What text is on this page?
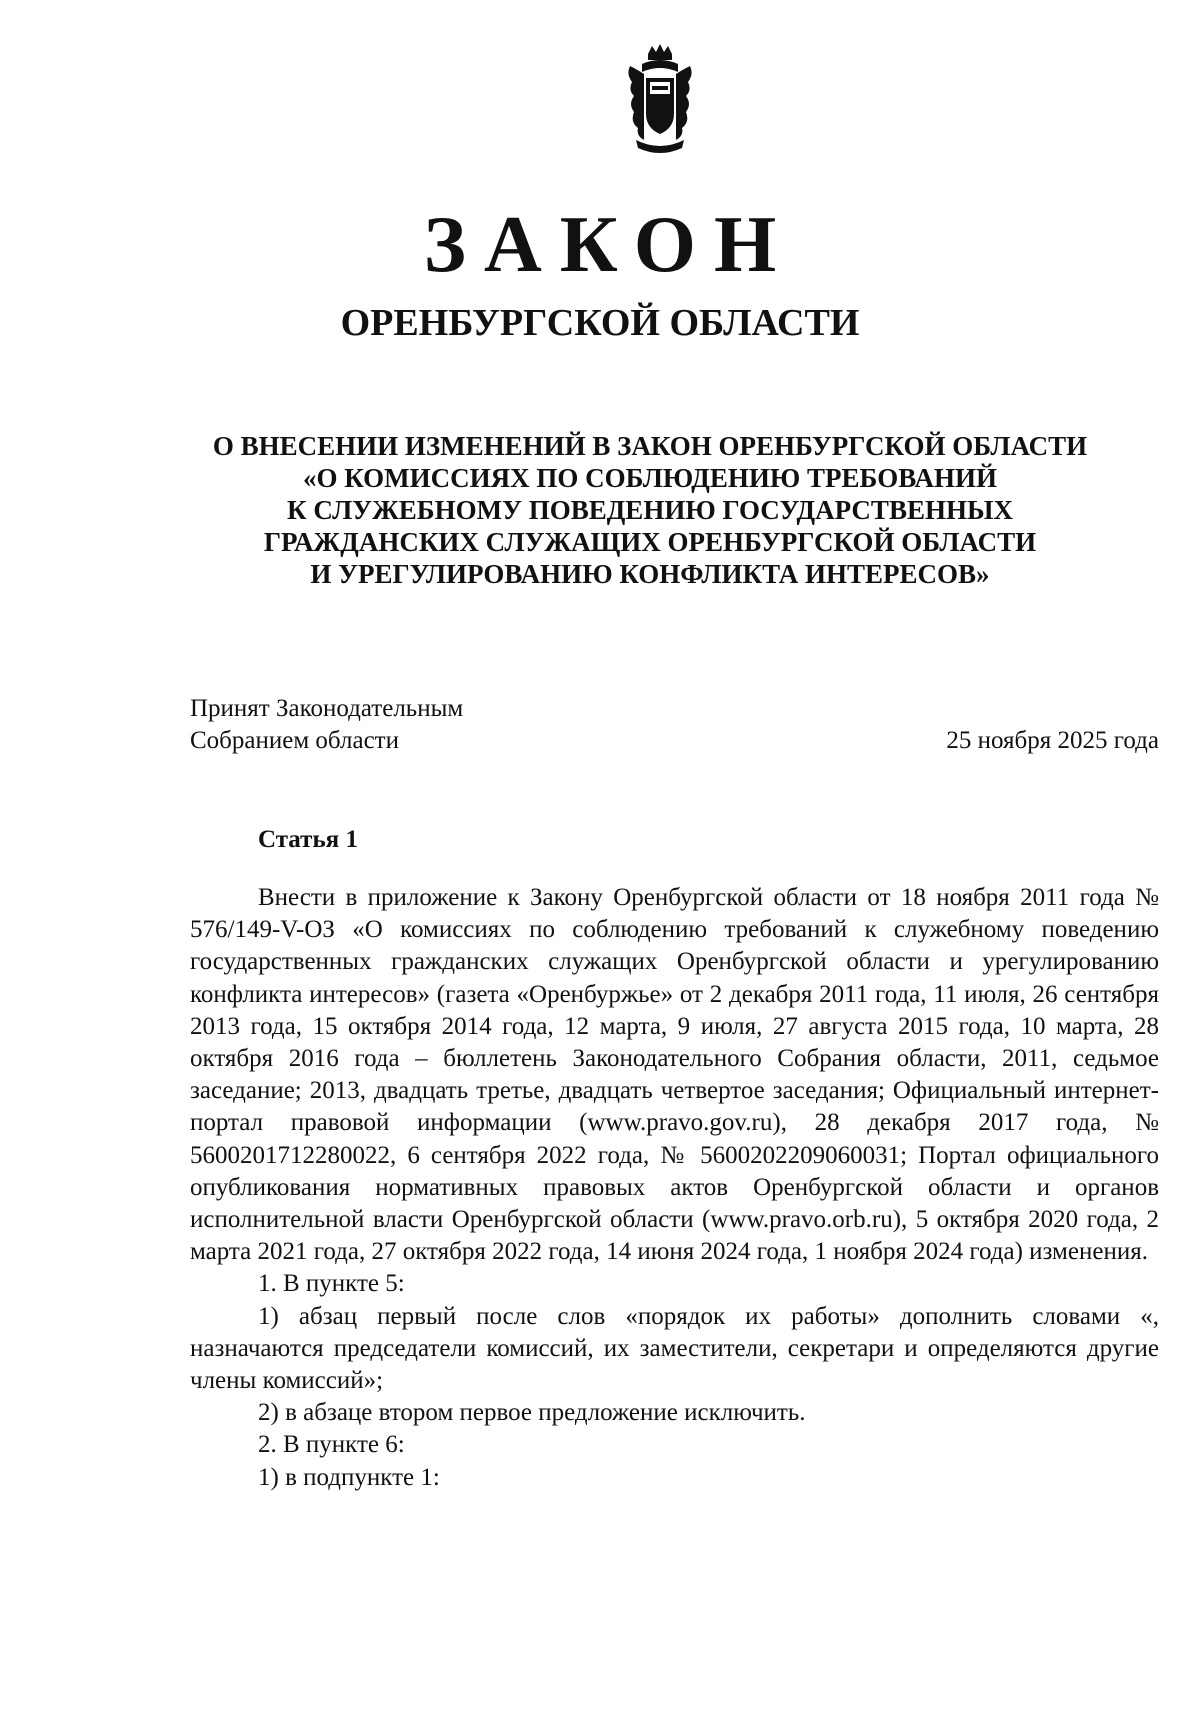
ЗАКОН
ОРЕНБУРГСКОЙ ОБЛАСТИ
О ВНЕСЕНИИ ИЗМЕНЕНИЙ В ЗАКОН ОРЕНБУРГСКОЙ ОБЛАСТИ
«О КОМИССИЯХ ПО СОБЛЮДЕНИЮ ТРЕБОВАНИЙ
К СЛУЖЕБНОМУ ПОВЕДЕНИЮ ГОСУДАРСТВЕННЫХ
ГРАЖДАНСКИХ СЛУЖАЩИХ ОРЕНБУРГСКОЙ ОБЛАСТИ
И УРЕГУЛИРОВАНИЮ КОНФЛИКТА ИНТЕРЕСОВ»
Принят Законодательным
Собранием области	25 ноября 2025 года
Статья 1

Внести в приложение к Закону Оренбургской области от 18 ноября 2011 года № 576/149-V-ОЗ «О комиссиях по соблюдению требований к служебному поведению государственных гражданских служащих Оренбургской области и урегулированию конфликта интересов» (газета «Оренбуржье» от 2 декабря 2011 года, 11 июля, 26 сентября 2013 года, 15 октября 2014 года, 12 марта, 9 июля, 27 августа 2015 года, 10 марта, 28 октября 2016 года – бюллетень Законодательного Собрания области, 2011, седьмое заседание; 2013, двадцать третье, двадцать четвертое заседания; Официальный интернет-портал правовой информации (www.pravo.gov.ru), 28 декабря 2017 года, № 5600201712280022, 6 сентября 2022 года, № 5600202209060031; Портал официального опубликования нормативных правовых актов Оренбургской области и органов исполнительной власти Оренбургской области (www.pravo.orb.ru), 5 октября 2020 года, 2 марта 2021 года, 27 октября 2022 года, 14 июня 2024 года, 1 ноября 2024 года) изменения.

1. В пункте 5:

1) абзац первый после слов «порядок их работы» дополнить словами «, назначаются председатели комиссий, их заместители, секретари и определяются другие члены комиссий»;

2) в абзаце втором первое предложение исключить.

2. В пункте 6:

1) в подпункте 1:
